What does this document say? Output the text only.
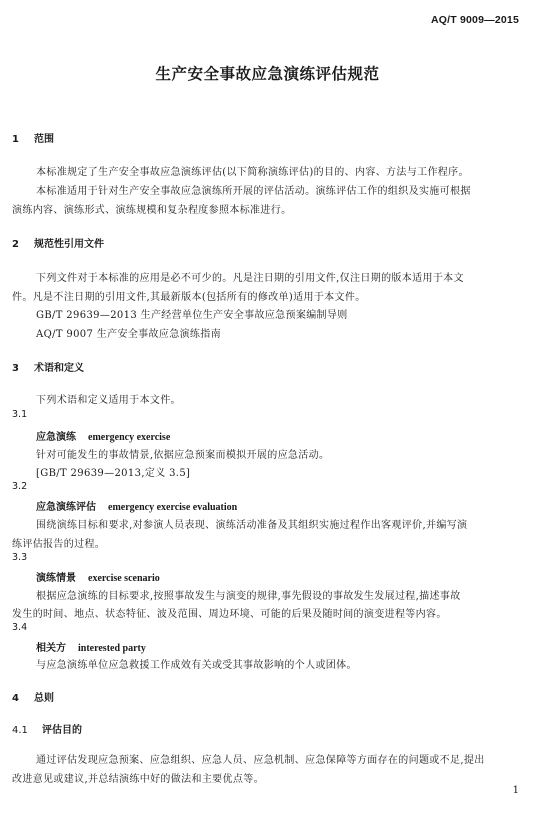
AQ/T 9009—2015
生产安全事故应急演练评估规范
1 范围
本标准规定了生产安全事故应急演练评估(以下简称演练评估)的目的、内容、方法与工作程序。
本标准适用于针对生产安全事故应急演练所开展的评估活动。演练评估工作的组织及实施可根据
演练内容、演练形式、演练规模和复杂程度参照本标准进行。
2 规范性引用文件
下列文件对于本标准的应用是必不可少的。凡是注日期的引用文件,仅注日期的版本适用于本文
件。凡是不注日期的引用文件,其最新版本(包括所有的修改单)适用于本文件。
GB/T 29639—2013 生产经营单位生产安全事故应急预案编制导则
AQ/T 9007 生产安全事故应急演练指南
3 术语和定义
下列术语和定义适用于本文件。
3.1
应急演练 emergency exercise
针对可能发生的事故情景,依据应急预案而模拟开展的应急活动。
[GB/T 29639—2013,定义 3.5]
3.2
应急演练评估 emergency exercise evaluation
围绕演练目标和要求,对参演人员表现、演练活动准备及其组织实施过程作出客观评价,并编写演
练评估报告的过程。
3.3
演练情景 exercise scenario
根据应急演练的目标要求,按照事故发生与演变的规律,事先假设的事故发生发展过程,描述事故
发生的时间、地点、状态特征、波及范围、周边环境、可能的后果及随时间的演变进程等内容。
3.4
相关方 interested party
与应急演练单位应急救援工作成效有关或受其事故影响的个人或团体。
4 总则
4.1 评估目的
通过评估发现应急预案、应急组织、应急人员、应急机制、应急保障等方面存在的问题或不足,提出
改进意见或建议,并总结演练中好的做法和主要优点等。
1
